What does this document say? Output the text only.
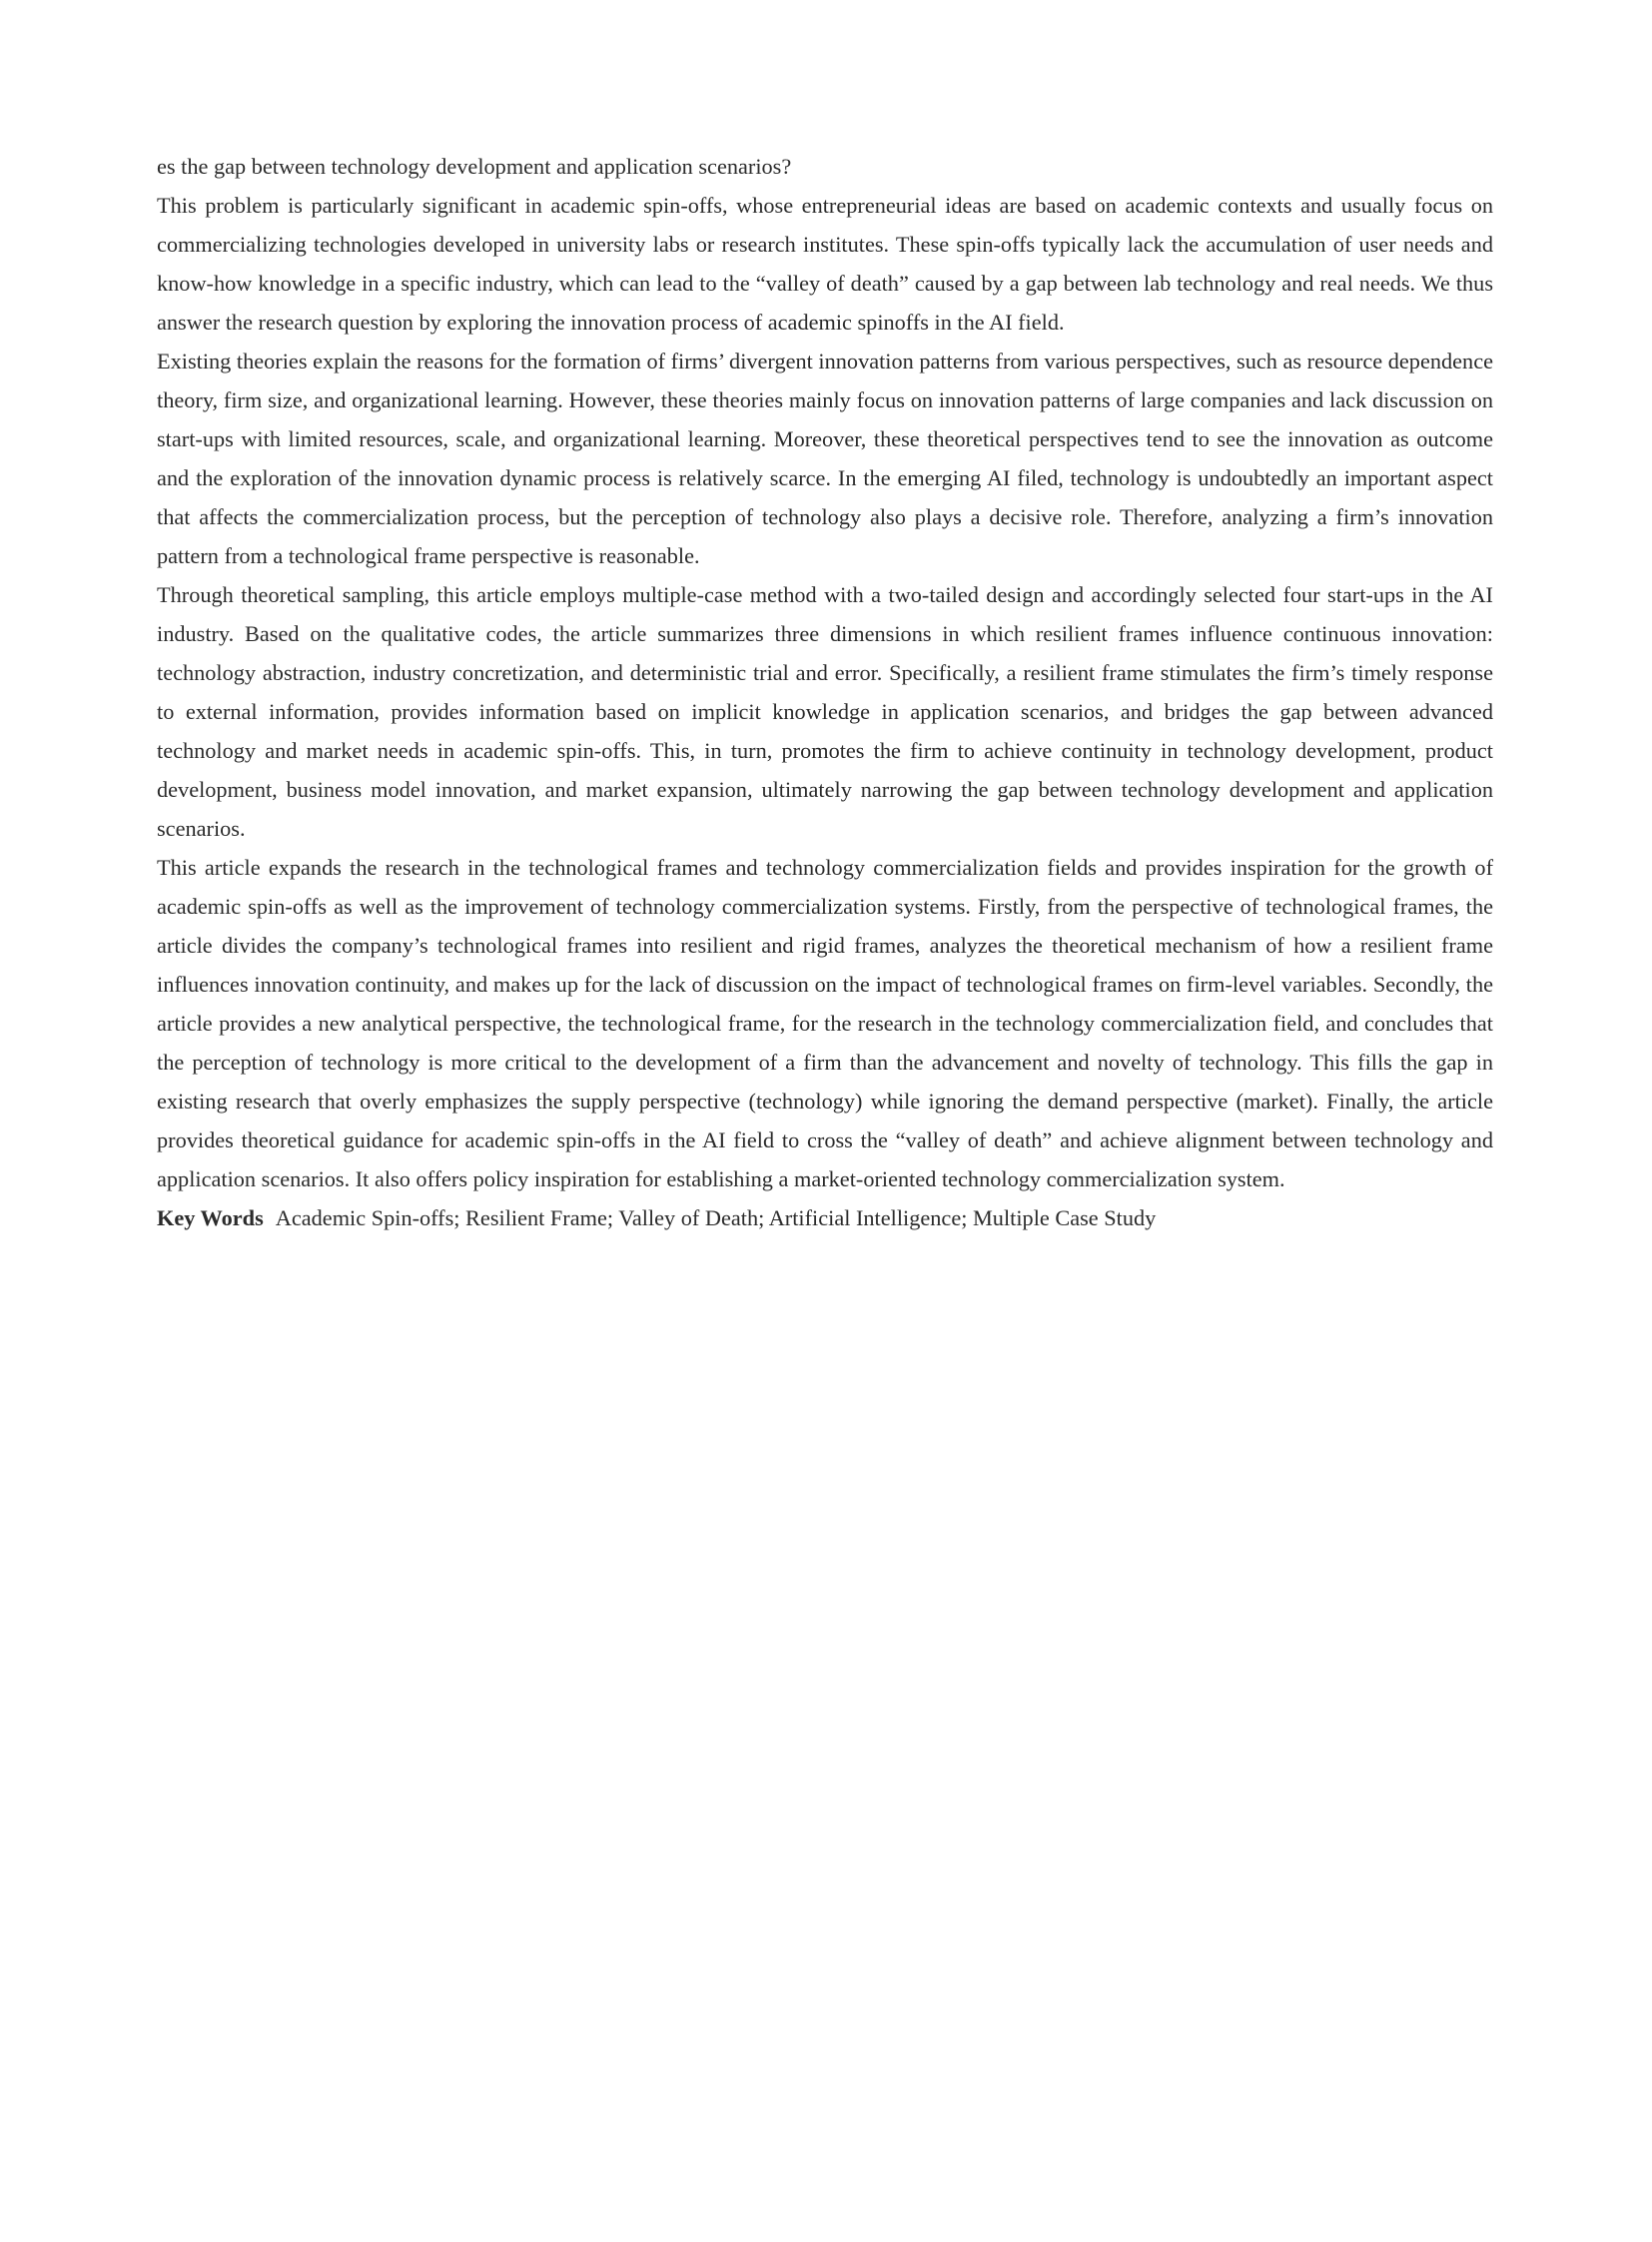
es the gap between technology development and application scenarios?

This problem is particularly significant in academic spin-offs, whose entrepreneurial ideas are based on academic contexts and usually focus on commercializing technologies developed in university labs or research institutes. These spin-offs typically lack the accumulation of user needs and know-how knowledge in a specific industry, which can lead to the “valley of death” caused by a gap between lab technology and real needs. We thus answer the research question by exploring the innovation process of academic spinoffs in the AI field.

Existing theories explain the reasons for the formation of firms’ divergent innovation patterns from various perspectives, such as resource dependence theory, firm size, and organizational learning. However, these theories mainly focus on innovation patterns of large companies and lack discussion on start-ups with limited resources, scale, and organizational learning. Moreover, these theoretical perspectives tend to see the innovation as outcome and the exploration of the innovation dynamic process is relatively scarce. In the emerging AI filed, technology is undoubtedly an important aspect that affects the commercialization process, but the perception of technology also plays a decisive role. Therefore, analyzing a firm’s innovation pattern from a technological frame perspective is reasonable.

Through theoretical sampling, this article employs multiple-case method with a two-tailed design and accordingly selected four start-ups in the AI industry. Based on the qualitative codes, the article summarizes three dimensions in which resilient frames influence continuous innovation: technology abstraction, industry concretization, and deterministic trial and error. Specifically, a resilient frame stimulates the firm’s timely response to external information, provides information based on implicit knowledge in application scenarios, and bridges the gap between advanced technology and market needs in academic spin-offs. This, in turn, promotes the firm to achieve continuity in technology development, product development, business model innovation, and market expansion, ultimately narrowing the gap between technology development and application scenarios.

This article expands the research in the technological frames and technology commercialization fields and provides inspiration for the growth of academic spin-offs as well as the improvement of technology commercialization systems. Firstly, from the perspective of technological frames, the article divides the company’s technological frames into resilient and rigid frames, analyzes the theoretical mechanism of how a resilient frame influences innovation continuity, and makes up for the lack of discussion on the impact of technological frames on firm-level variables. Secondly, the article provides a new analytical perspective, the technological frame, for the research in the technology commercialization field, and concludes that the perception of technology is more critical to the development of a firm than the advancement and novelty of technology. This fills the gap in existing research that overly emphasizes the supply perspective (technology) while ignoring the demand perspective (market). Finally, the article provides theoretical guidance for academic spin-offs in the AI field to cross the “valley of death” and achieve alignment between technology and application scenarios. It also offers policy inspiration for establishing a market-oriented technology commercialization system.

Key Words Academic Spin-offs; Resilient Frame; Valley of Death; Artificial Intelligence; Multiple Case Study
